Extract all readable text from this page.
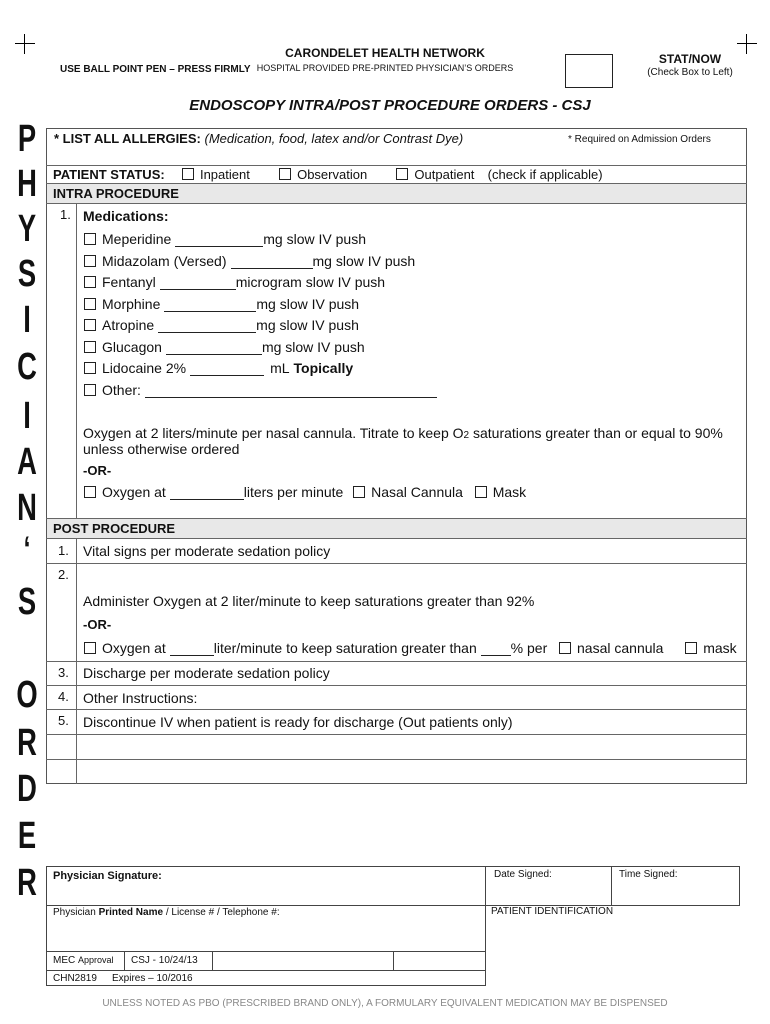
USE BALL POINT PEN – PRESS FIRMLY
CARONDELET HEALTH NETWORK
HOSPITAL PROVIDED PRE-PRINTED PHYSICIAN’S ORDERS
STAT/NOW
(Check Box to Left)
ENDOSCOPY INTRA/POST PROCEDURE ORDERS - CSJ
P
H
Y
S
I
C
I
A
N
‘
S
O
R
D
E
R
* LIST ALL ALLERGIES: (Medication, food, latex and/or Contrast Dye)	* Required on Admission Orders
PATIENT STATUS:	Inpatient	Observation	Outpatient (check if applicable)
INTRA PROCEDURE
1. Medications:
Meperidine	mg slow IV push
Midazolam (Versed)	mg slow IV push
Fentanyl	microgram slow IV push
Morphine	mg slow IV push
Atropine	mg slow IV push
Glucagon	mg slow IV push
Lidocaine 2%	mL Topically
Other:
Oxygen at 2 liters/minute per nasal cannula. Titrate to keep O2 saturations greater than or equal to 90%
unless otherwise ordered
-OR-
Oxygen at	liters per minute Nasal Cannula Mask
POST PROCEDURE
1. Vital signs per moderate sedation policy
2.
Administer Oxygen at 2 liter/minute to keep saturations greater than 92%
-OR-
Oxygen at	liter/minute to keep saturation greater than % per nasal cannula	mask
3. Discharge per moderate sedation policy
4. Other Instructions:
5. Discontinue IV when patient is ready for discharge (Out patients only)
Physician Signature:	Date Signed:	Time Signed:
Physician Printed Name / License # / Telephone #:	PATIENT IDENTIFICATION
MEC Approval CSJ - 10/24/13
CHN2819 Expires – 10/2016
UNLESS NOTED AS PBO (PRESCRIBED BRAND ONLY), A FORMULARY EQUIVALENT MEDICATION MAY BE DISPENSED
